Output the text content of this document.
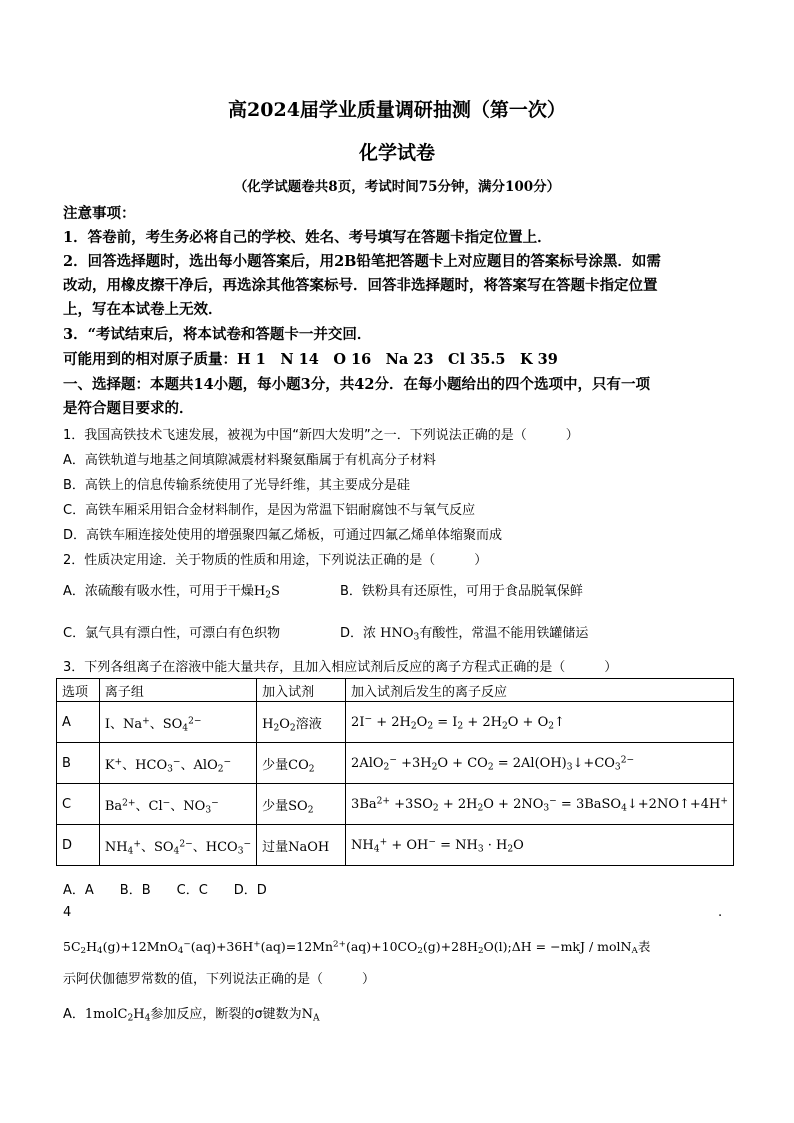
高2024届学业质量调研抽测（第一次）
化学试卷
（化学试题卷共8页，考试时间75分钟，满分100分）
注意事项：
1．答卷前，考生务必将自己的学校、姓名、考号填写在答题卡指定位置上．
2．回答选择题时，选出每小题答案后，用2B铅笔把答题卡上对应题目的答案标号涂黑．如需
改动，用橡皮擦干净后，再选涂其他答案标号．回答非选择题时，将答案写在答题卡指定位置
上，写在本试卷上无效．
3．“考试结束后，将本试卷和答题卡一并交回．
可能用到的相对原子质量：H 1　N 14　O 16　Na 23　Cl 35.5　K 39
一、选择题：本题共14小题，每小题3分，共42分．在每小题给出的四个选项中，只有一项
是符合题目要求的．
1．我国高铁技术飞速发展，被视为中国“新四大发明”之一．下列说法正确的是（　　　）
A．高铁轨道与地基之间填隙减震材料聚氨酯属于有机高分子材料
B．高铁上的信息传输系统使用了光导纤维，其主要成分是硅
C．高铁车厢采用铝合金材料制作，是因为常温下铝耐腐蚀不与氧气反应
D．高铁车厢连接处使用的增强聚四氟乙烯板，可通过四氟乙烯单体缩聚而成
2．性质决定用途．关于物质的性质和用途，下列说法正确的是（　　　）
A．浓硫酸有吸水性，可用于干燥$H_2S$	B．铁粉具有还原性，可用于食品脱氧保鲜
C．氯气具有漂白性，可漂白有色织物	D．浓 $HNO_3$有酸性，常温不能用铁罐储运
3．下列各组离子在溶液中能大量共存，且加入相应试剂后反应的离子方程式正确的是（　　　）
选项	离子组	加入试剂	加入试剂后发生的离子反应
A	I、Na+、$SO_4^{2-}$	$H_2O_2$溶液	$2I^- + 2H_2O_2 = I_2 + 2H_2O$ + $O_2↑$
B	K+、$HCO_3^-$、AlO$_2$−	少量$CO_2$	$2AlO_2^- +3H_2O + CO_2$ = $2Al(OH)_3↓+CO_3^{2-}$
C	$Ba^{2+}$、Cl−、$NO_3^-$	少量$SO_2$	$3Ba^{2+} +3SO_2 + 2H_2O + 2NO_3^-$ = 3BaSO$_4$↓+2NO↑+4H+
D	$NH_4^+$、$SO_4^{2-}$、$HCO_3^-$	过量NaOH	$NH_4^+ + OH^- = NH_3 \cdot H_2O$
A．A　　B．B　　C．C　　D．D
4	.
$5C_2H_4(g)+12MnO_4^-(aq)+36H^+(aq)=12Mn^{2+}(aq)+10CO_2(g)+28H_2O(l);\Delta H = -mkJ$ / molN$_A$表
示阿伏伽德罗常数的值，下列说法正确的是（　　　）
A．$1molC_2H_4$参加反应，断裂的σ键数为$N_A$
